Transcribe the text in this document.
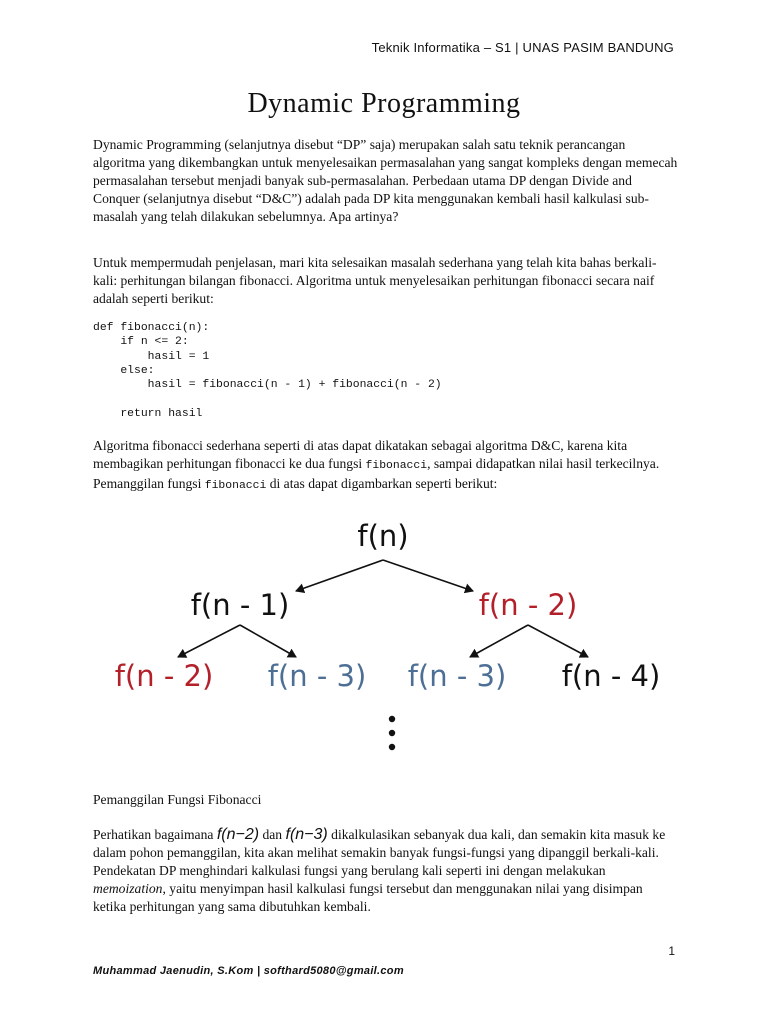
Teknik Informatika – S1 | UNAS PASIM BANDUNG
Dynamic Programming

Dynamic Programming (selanjutnya disebut “DP” saja) merupakan salah satu teknik perancangan algoritma yang dikembangkan untuk menyelesaikan permasalahan yang sangat kompleks dengan memecah permasalahan tersebut menjadi banyak sub-permasalahan. Perbedaan utama DP dengan Divide and Conquer (selanjutnya disebut “D&C”) adalah pada DP kita menggunakan kembali hasil kalkulasi sub-masalah yang telah dilakukan sebelumnya. Apa artinya?

Untuk mempermudah penjelasan, mari kita selesaikan masalah sederhana yang telah kita bahas berkali-kali: perhitungan bilangan fibonacci. Algoritma untuk menyelesaikan perhitungan fibonacci secara naif adalah seperti berikut:

def fibonacci(n):
if n <= 2:
hasil = 1
else:
hasil = fibonacci(n - 1) + fibonacci(n - 2)

return hasil

Algoritma fibonacci sederhana seperti di atas dapat dikatakan sebagai algoritma D&C, karena kita membagikan perhitungan fibonacci ke dua fungsi fibonacci, sampai didapatkan nilai hasil terkecilnya. Pemanggilan fungsi fibonacci di atas dapat digambarkan seperti berikut:

f(n)
f(n - 1)	f(n - 2)
f(n - 2) f(n - 3) f(n - 3) f(n - 4)
Pemanggilan Fungsi Fibonacci

Perhatikan bagaimana f(n−2) dan f(n−3) dikalkulasikan sebanyak dua kali, dan semakin kita masuk ke dalam pohon pemanggilan, kita akan melihat semakin banyak fungsi-fungsi yang dipanggil berkali-kali. Pendekatan DP menghindari kalkulasi fungsi yang berulang kali seperti ini dengan melakukan memoization, yaitu menyimpan hasil kalkulasi fungsi tersebut dan menggunakan nilai yang disimpan ketika perhitungan yang sama dibutuhkan kembali.

1
Muhammad Jaenudin, S.Kom | softhard5080@gmail.com
